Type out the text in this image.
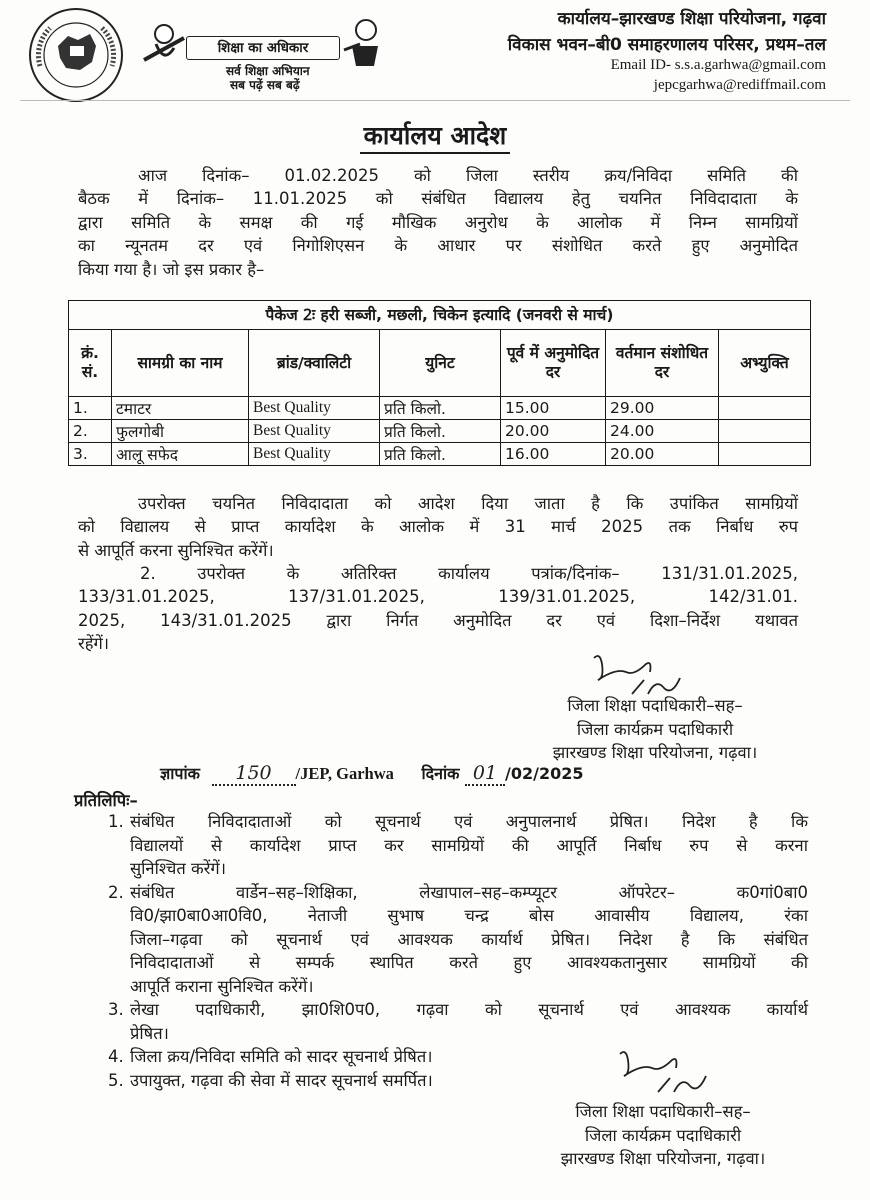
शिक्षा का अधिकार
सर्व शिक्षा अभियान
सब पढ़ें सब बढ़ें
कार्यालय–झारखण्ड शिक्षा परियोजना, गढ़वा
विकास भवन–बी0 समाहरणालय परिसर, प्रथम–तल
Email ID- s.s.a.garhwa@gmail.com
jepcgarhwa@rediffmail.com
कार्यालय आदेश
आज दिनांक– 01.02.2025 को जिला स्तरीय क्रय/निविदा समिति की
बैठक में दिनांक– 11.01.2025 को संबंधित विद्यालय हेतु चयनित निविदादाता के
द्वारा समिति के समक्ष की गई मौखिक अनुरोध के आलोक में निम्न सामग्रियों
का न्यूनतम दर एवं निगोशिएसन के आधार पर संशोधित करते हुए अनुमोदित
किया गया है। जो इस प्रकार है–
पैकेज 2ः हरी सब्जी, मछली, चिकेन इत्यादि (जनवरी से मार्च)						
क्रं. सं.	सामग्री का नाम	ब्रांड/क्वालिटी	युनिट	पूर्व में अनुमोदित दर	वर्तमान संशोधित दर	अभ्युक्ति
1.	टमाटर	Best Quality	प्रति किलो.	15.00	29.00	
2.	फुलगोबी	Best Quality	प्रति किलो.	20.00	24.00	
3.	आलू सफेद	Best Quality	प्रति किलो.	16.00	20.00	
उपरोक्त चयनित निविदादाता को आदेश दिया जाता है कि उपांकित सामग्रियों
को विद्यालय से प्राप्त कार्यादेश के आलोक में 31 मार्च 2025 तक निर्बाध रुप
से आपूर्ति करना सुनिश्चित करेंगें।
2. उपरोक्त के अतिरिक्त कार्यालय पत्रांक/दिनांक– 131/31.01.2025,
133/31.01.2025, 137/31.01.2025, 139/31.01.2025, 142/31.01.
2025, 143/31.01.2025 द्वारा निर्गत अनुमोदित दर एवं दिशा–निर्देश यथावत
रहेंगें।
जिला शिक्षा पदाधिकारी–सह–
जिला कार्यक्रम पदाधिकारी
झारखण्ड शिक्षा परियोजना, गढ़वा।
ज्ञापांक 150 /JEP, Garhwa दिनांक 01 /02/2025
प्रतिलिपिः–
1. संबंधित निविदादाताओं को सूचनार्थ एवं अनुपालनार्थ प्रेषित। निदेश है कि
विद्यालयों से कार्यादेश प्राप्त कर सामग्रियों की आपूर्ति निर्बाध रुप से करना
सुनिश्चित करेंगें।
2. संबंधित वार्डेन–सह–शिक्षिका, लेखापाल–सह–कम्प्यूटर ऑपरेटर– क0गां0बा0
वि0/झा0बा0आ0वि0, नेताजी सुभाष चन्द्र बोस आवासीय विद्यालय, रंका
जिला–गढ़वा को सूचनार्थ एवं आवश्यक कार्यार्थ प्रेषित। निदेश है कि संबंधित
निविदादाताओं से सम्पर्क स्थापित करते हुए आवश्यकतानुसार सामग्रियों की
आपूर्ति कराना सुनिश्चित करेंगें।
3. लेखा पदाधिकारी, झा0शि0प0, गढ़वा को सूचनार्थ एवं आवश्यक कार्यार्थ
प्रेषित।
4. जिला क्रय/निविदा समिति को सादर सूचनार्थ प्रेषित।
5. उपायुक्त, गढ़वा की सेवा में सादर सूचनार्थ समर्पित।
जिला शिक्षा पदाधिकारी–सह–
जिला कार्यक्रम पदाधिकारी
झारखण्ड शिक्षा परियोजना, गढ़वा।
